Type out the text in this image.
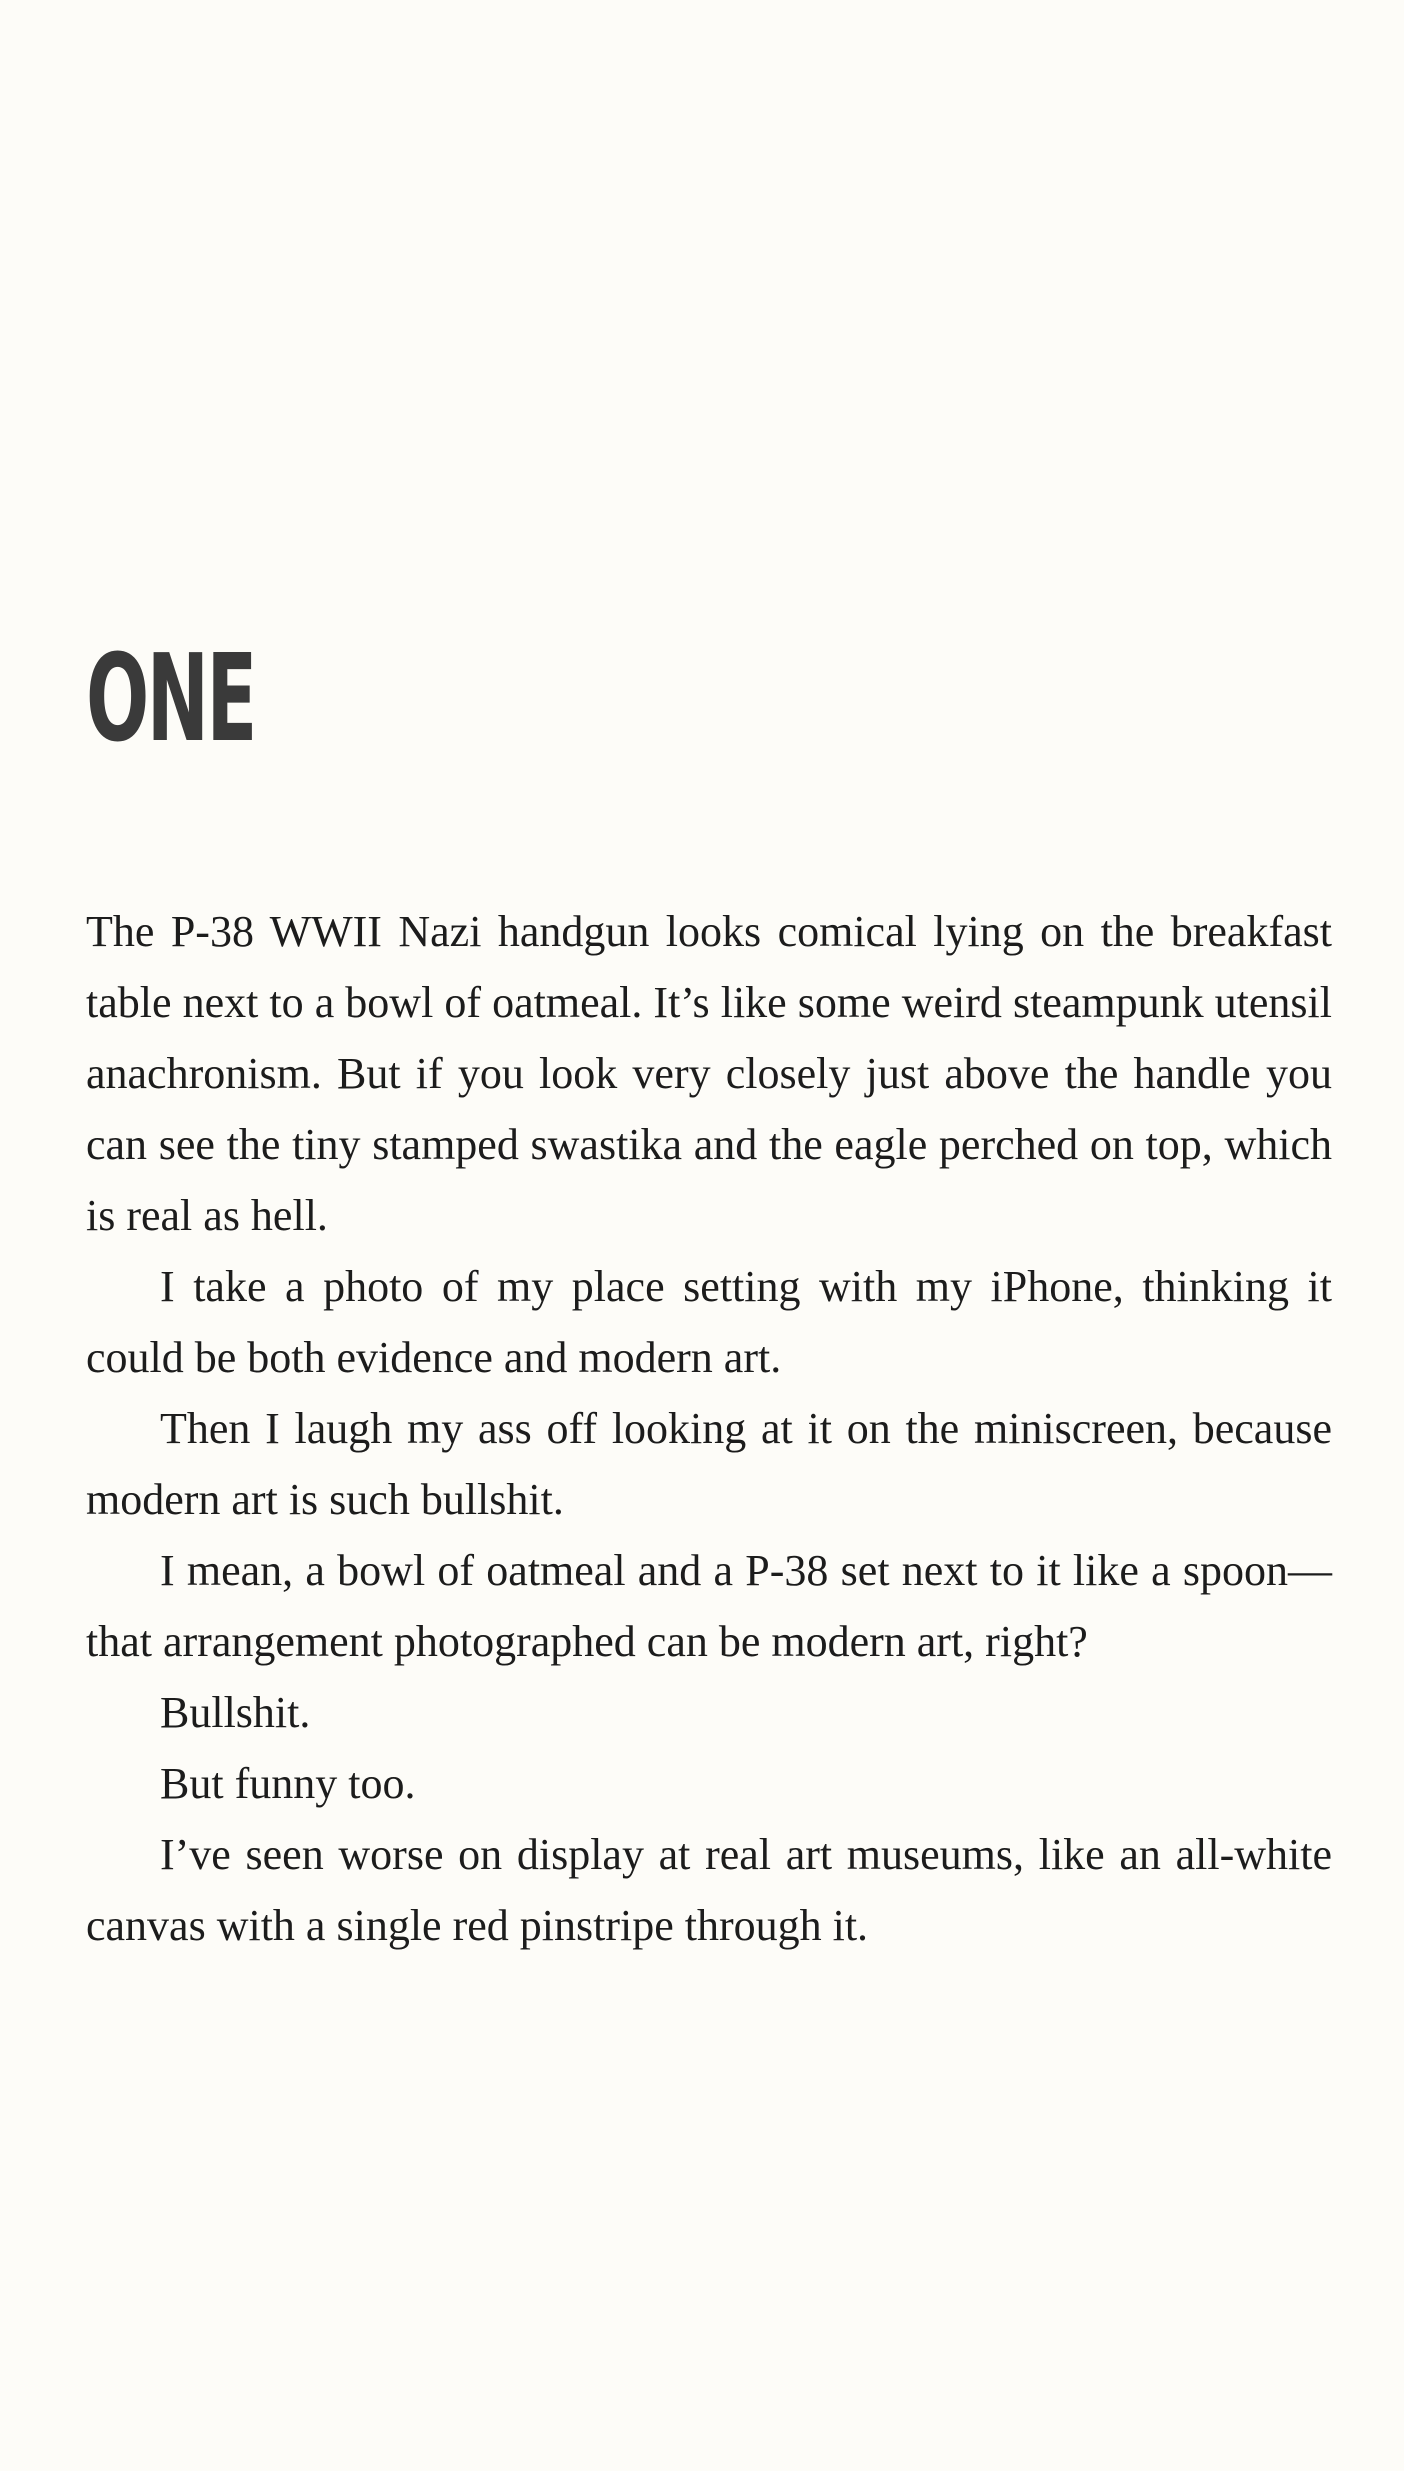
ONE

The P-38 WWII Nazi handgun looks comical lying on the breakfast table next to a bowl of oatmeal. It’s like some weird steampunk utensil anachronism. But if you look very closely just above the handle you can see the tiny stamped swastika and the eagle perched on top, which is real as hell.

I take a photo of my place setting with my iPhone, thinking it could be both evidence and modern art.

Then I laugh my ass off looking at it on the miniscreen, because modern art is such bullshit.

I mean, a bowl of oatmeal and a P-38 set next to it like a spoon—that arrangement photographed can be modern art, right?

Bullshit.

But funny too.

I’ve seen worse on display at real art museums, like an all-white canvas with a single red pinstripe through it.
